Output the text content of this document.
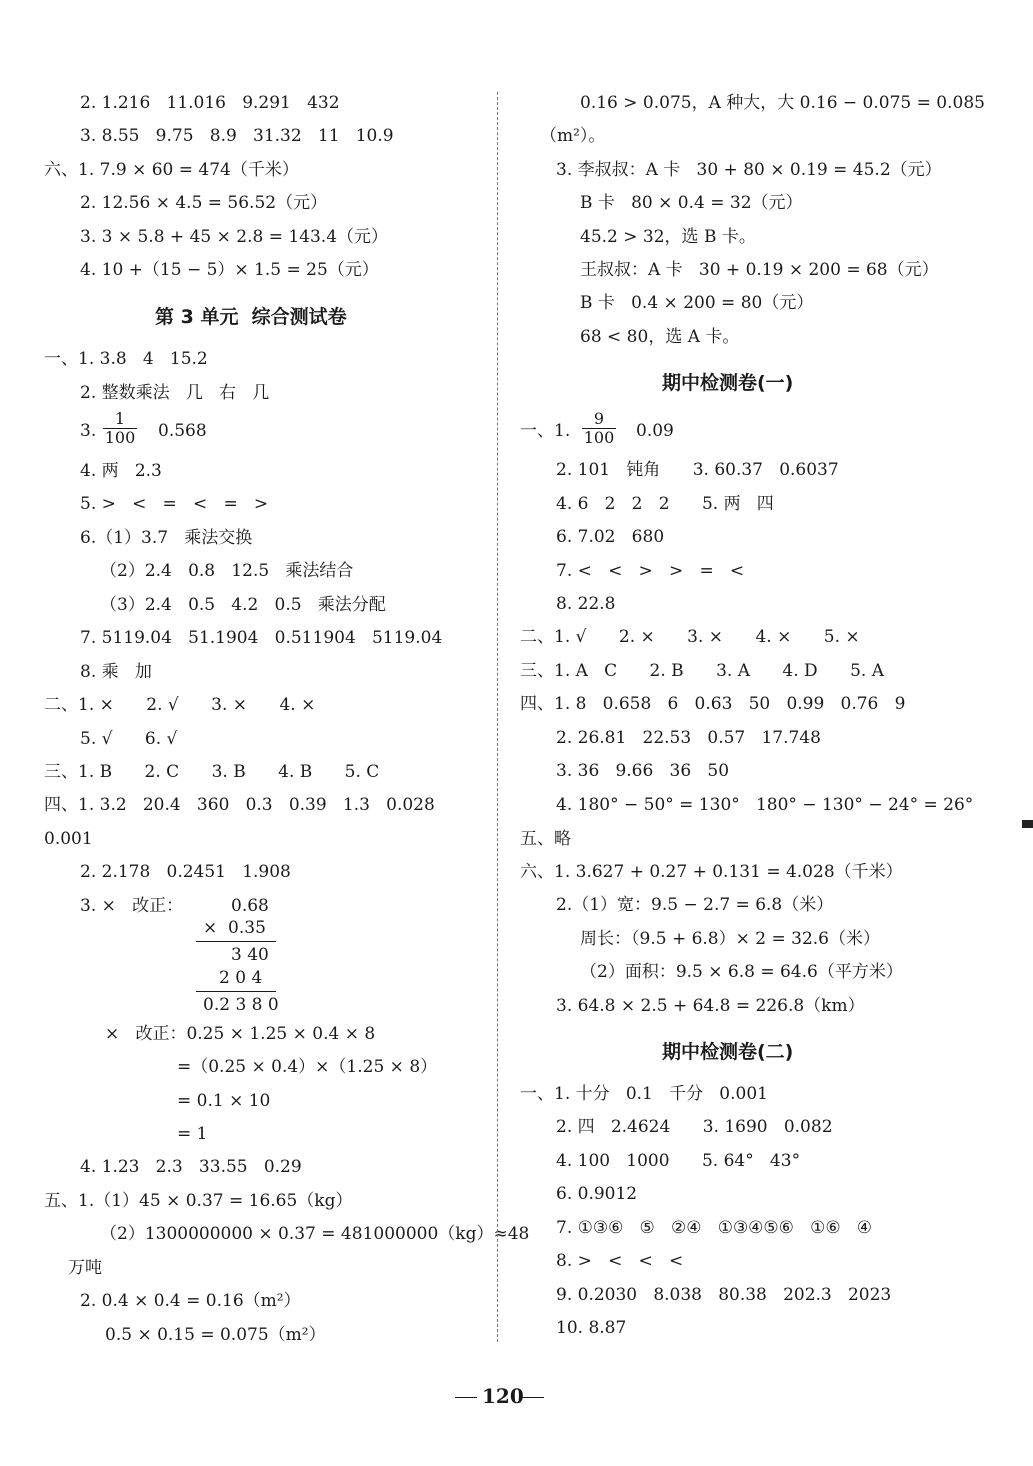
2. 1.216   11.016   9.291   432
3. 8.55   9.75   8.9   31.32   11   10.9
六、1. 7.9 × 60 = 474（千米）
2. 12.56 × 4.5 = 56.52（元）
3. 3 × 5.8 + 45 × 2.8 = 143.4（元）
4. 10 +（15 − 5）× 1.5 = 25（元）
第 3 单元  综合测试卷
一、1. 3.8   4   15.2
2. 整数乘法   几   右   几
3. $\frac{1}{100} 0.568$
4. 两   2.3
5. >   <   =   <   =   >
6.（1）3.7   乘法交换
（2）2.4   0.8   12.5   乘法结合
（3）2.4   0.5   4.2   0.5   乘法分配
7. 5119.04   51.1904   0.511904   5119.04
8. 乘   加
二、1. ×      2. √      3. ×      4. ×
5. √      6. √
三、1. B      2. C      3. B      4. B      5. C
四、1. 3.2   20.4   360   0.3   0.39   1.3   0.028
0.001
2. 2.178   0.2451   1.908
3. ×   改正：	0.68
×  0.35
3 40
2 0 4
0.2 3 8 0
×   改正：0.25 × 1.25 × 0.4 × 8
=（0.25 × 0.4）×（1.25 × 8）
= 0.1 × 10
= 1
4. 1.23   2.3   33.55   0.29
五、1.（1）45 × 0.37 = 16.65（kg）
（2）1300000000 × 0.37 = 481000000（kg）≈48
万吨
2. 0.4 × 0.4 = 0.16（m²）
0.5 × 0.15 = 0.075（m²）
0.16 > 0.075，A 种大，大 0.16 − 0.075 = 0.085
（m²）。
3. 李叔叔：A 卡   30 + 80 × 0.19 = 45.2（元）
B 卡   80 × 0.4 = 32（元）
45.2 > 32，选 B 卡。
王叔叔：A 卡   30 + 0.19 × 200 = 68（元）
B 卡   0.4 × 200 = 80（元）
68 < 80，选 A 卡。
期中检测卷(一)
一、1. $\frac{9}{100} 0.09$
2. 101   钝角      3. 60.37   0.6037
4. 6   2   2   2      5. 两   四
6. 7.02   680
7. <   <   >   >   =   <
8. 22.8
二、1. √      2. ×      3. ×      4. ×      5. ×
三、1. A   C      2. B      3. A      4. D      5. A
四、1. 8   0.658   6   0.63   50   0.99   0.76   9
2. 26.81   22.53   0.57   17.748
3. 36   9.66   36   50
4. 180° − 50° = 130°   180° − 130° − 24° = 26°
五、略
六、1. 3.627 + 0.27 + 0.131 = 4.028（千米）
2.（1）宽：9.5 − 2.7 = 6.8（米）
周长：（9.5 + 6.8）× 2 = 32.6（米）
（2）面积：9.5 × 6.8 = 64.6（平方米）
3. 64.8 × 2.5 + 64.8 = 226.8（km）
期中检测卷(二)
一、1. 十分   0.1   千分   0.001
2. 四   2.4624      3. 1690   0.082
4. 100   1000      5. 64°   43°
6. 0.9012
7. ①③⑥   ⑤   ②④   ①③④⑤⑥   ①⑥   ④
8. >   <   <   <
9. 0.2030   8.038   80.38   202.3   2023
10. 8.87
120
